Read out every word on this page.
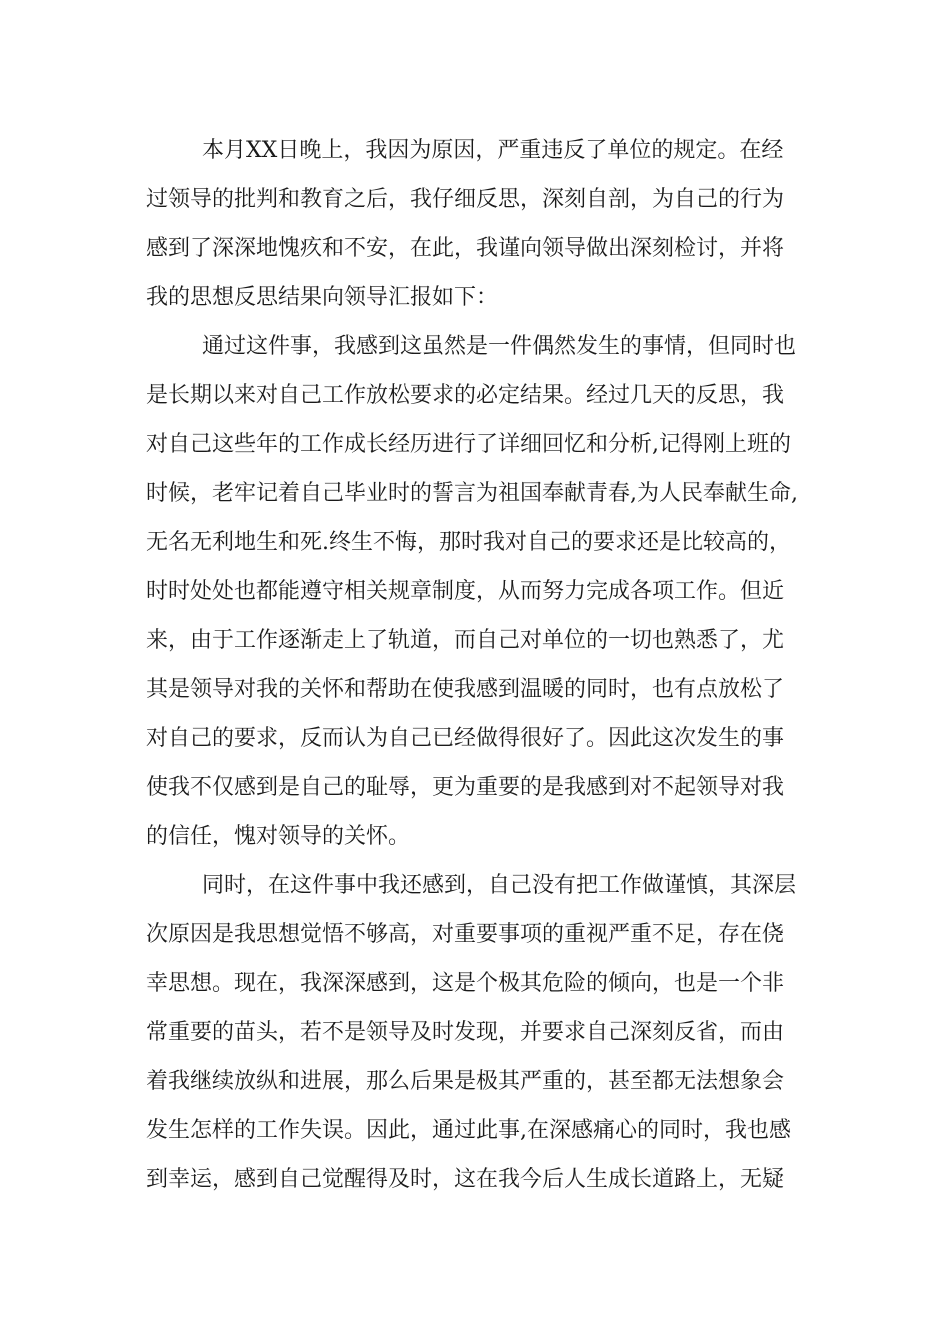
本月XX日晚上，我因为原因，严重违反了单位的规定。在经
过领导的批判和教育之后，我仔细反思，深刻自剖，为自己的行为
感到了深深地愧疚和不安，在此，我谨向领导做出深刻检讨，并将
我的思想反思结果向领导汇报如下：
通过这件事，我感到这虽然是一件偶然发生的事情，但同时也
是长期以来对自己工作放松要求的必定结果。经过几天的反思，我
对自己这些年的工作成长经历进行了详细回忆和分析,记得刚上班的
时候，老牢记着自己毕业时的誓言为祖国奉献青春,为人民奉献生命,
无名无利地生和死.终生不悔，那时我对自己的要求还是比较高的，
时时处处也都能遵守相关规章制度，从而努力完成各项工作。但近
来，由于工作逐渐走上了轨道，而自己对单位的一切也熟悉了，尤
其是领导对我的关怀和帮助在使我感到温暖的同时，也有点放松了
对自己的要求，反而认为自己已经做得很好了。因此这次发生的事
使我不仅感到是自己的耻辱，更为重要的是我感到对不起领导对我
的信任，愧对领导的关怀。
同时，在这件事中我还感到，自己没有把工作做谨慎，其深层
次原因是我思想觉悟不够高，对重要事项的重视严重不足，存在侥
幸思想。现在，我深深感到，这是个极其危险的倾向，也是一个非
常重要的苗头，若不是领导及时发现，并要求自己深刻反省，而由
着我继续放纵和进展，那么后果是极其严重的，甚至都无法想象会
发生怎样的工作失误。因此，通过此事,在深感痛心的同时，我也感
到幸运，感到自己觉醒得及时，这在我今后人生成长道路上，无疑
